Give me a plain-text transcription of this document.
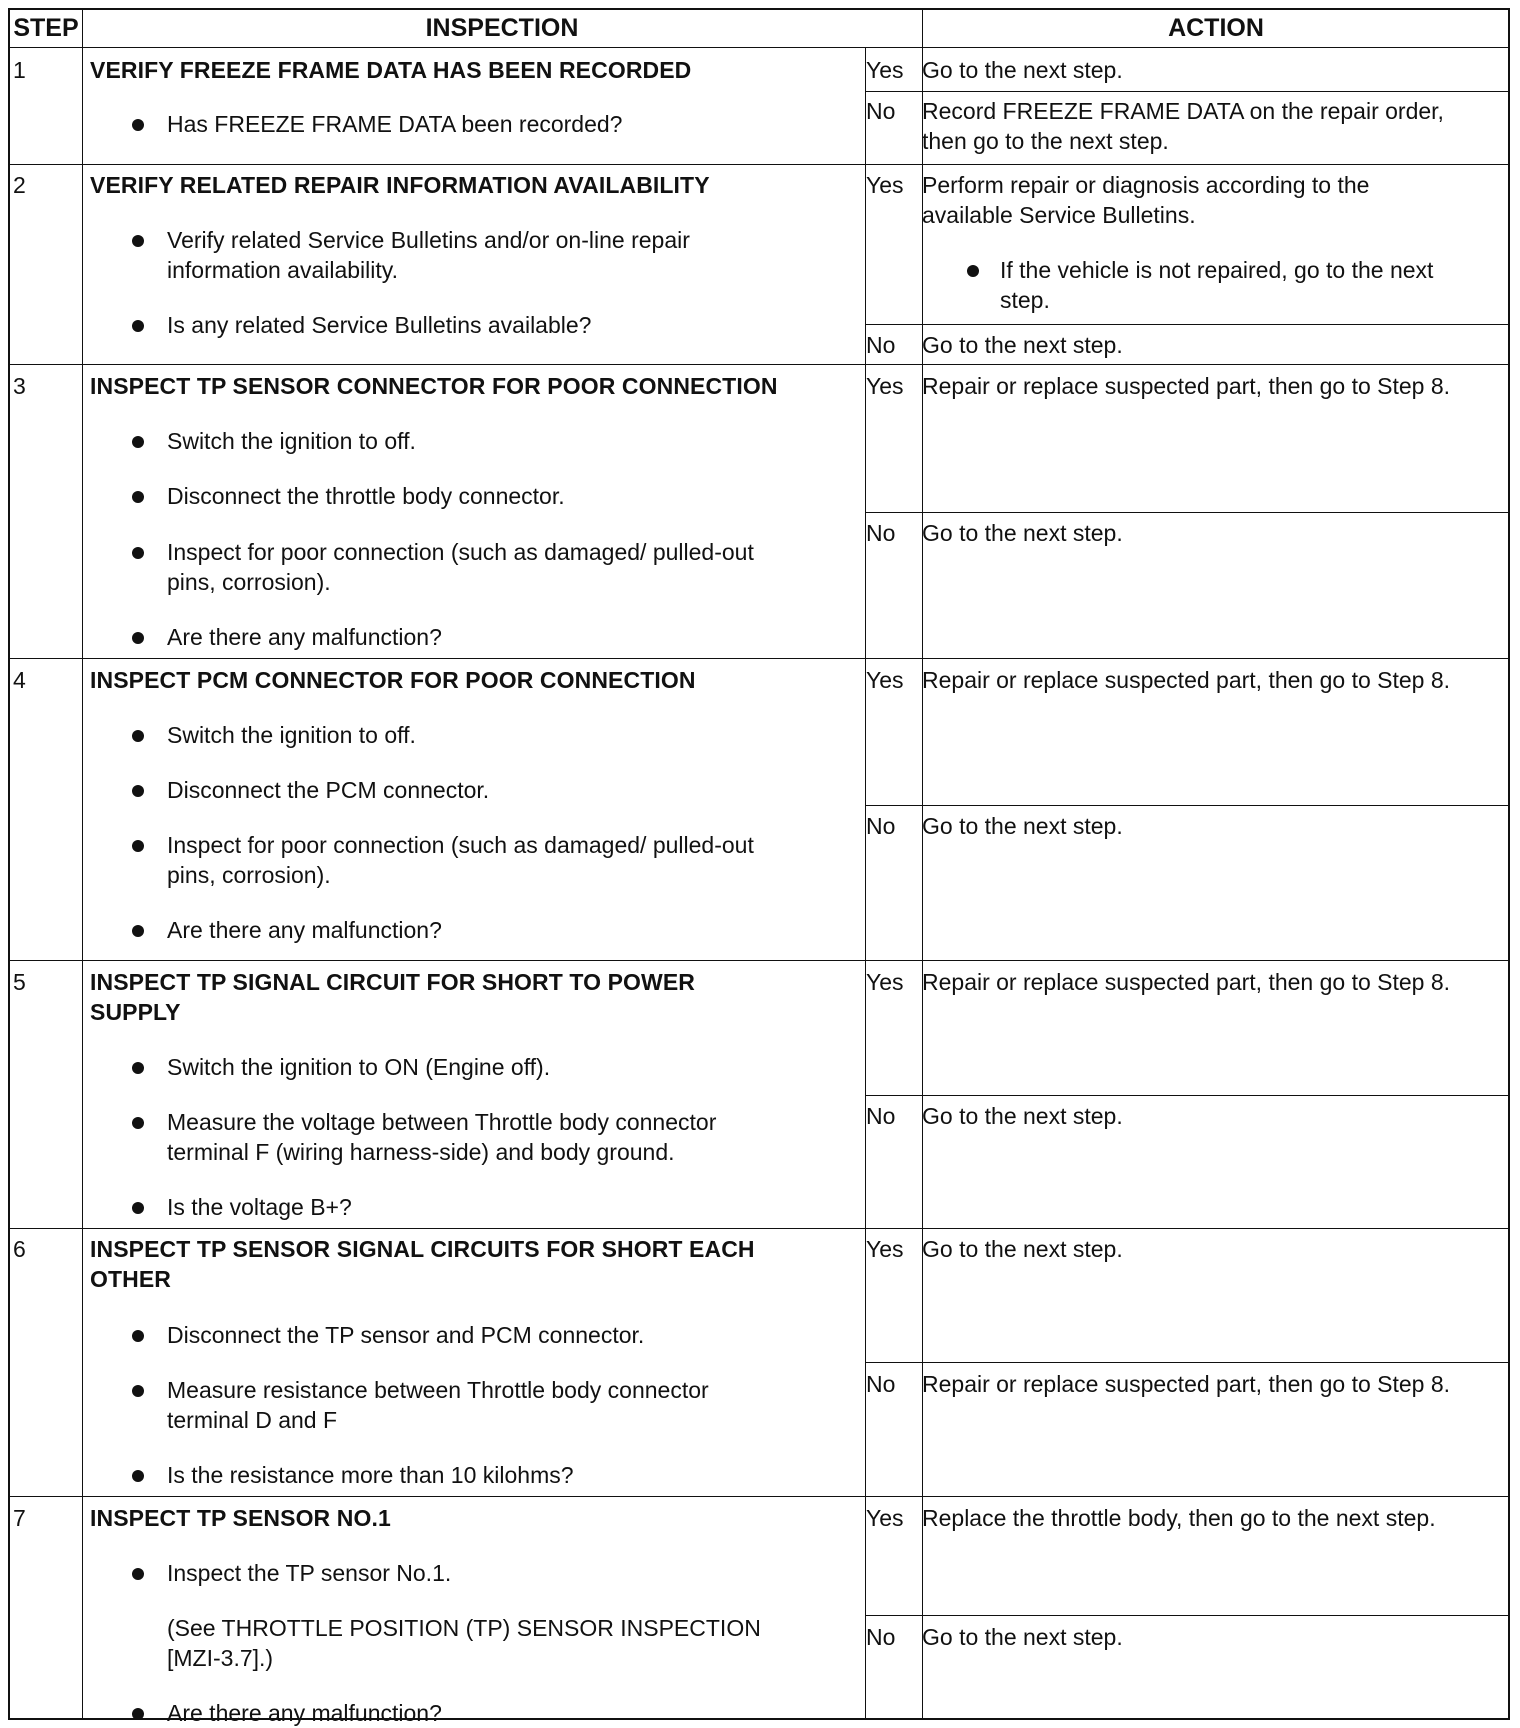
STEP	INSPECTION	ACTION
1	VERIFY FREEZE FRAME DATA HAS BEEN RECORDED
Has FREEZE FRAME DATA been recorded?
Yes Go to the next step.
No Record FREEZE FRAME DATA on the repair order,
then go to the next step.
2	VERIFY RELATED REPAIR INFORMATION AVAILABILITY
Verify related Service Bulletins and/or on-line repair
information availability.
Is any related Service Bulletins available?
Yes Perform repair or diagnosis according to the
available Service Bulletins.
If the vehicle is not repaired, go to the next
step.
No Go to the next step.
3	INSPECT TP SENSOR CONNECTOR FOR POOR CONNECTION
Switch the ignition to off.
Disconnect the throttle body connector.
Inspect for poor connection (such as damaged/ pulled-out
pins, corrosion).
Are there any malfunction?
Yes Repair or replace suspected part, then go to Step 8.
No Go to the next step.
4	INSPECT PCM CONNECTOR FOR POOR CONNECTION
Switch the ignition to off.
Disconnect the PCM connector.
Inspect for poor connection (such as damaged/ pulled-out
pins, corrosion).
Are there any malfunction?
Yes Repair or replace suspected part, then go to Step 8.
No Go to the next step.
5	INSPECT TP SIGNAL CIRCUIT FOR SHORT TO POWER
SUPPLY
Switch the ignition to ON (Engine off).
Measure the voltage between Throttle body connector
terminal F (wiring harness-side) and body ground.
Is the voltage B+?
Yes Repair or replace suspected part, then go to Step 8.
No Go to the next step.
6	INSPECT TP SENSOR SIGNAL CIRCUITS FOR SHORT EACH
OTHER
Disconnect the TP sensor and PCM connector.
Measure resistance between Throttle body connector
terminal D and F
Is the resistance more than 10 kilohms?
Yes Go to the next step.
No Repair or replace suspected part, then go to Step 8.
7	INSPECT TP SENSOR NO.1
Inspect the TP sensor No.1.
(See THROTTLE POSITION (TP) SENSOR INSPECTION
[MZI-3.7].)
Are there any malfunction?
Yes Replace the throttle body, then go to the next step.
No Go to the next step.
